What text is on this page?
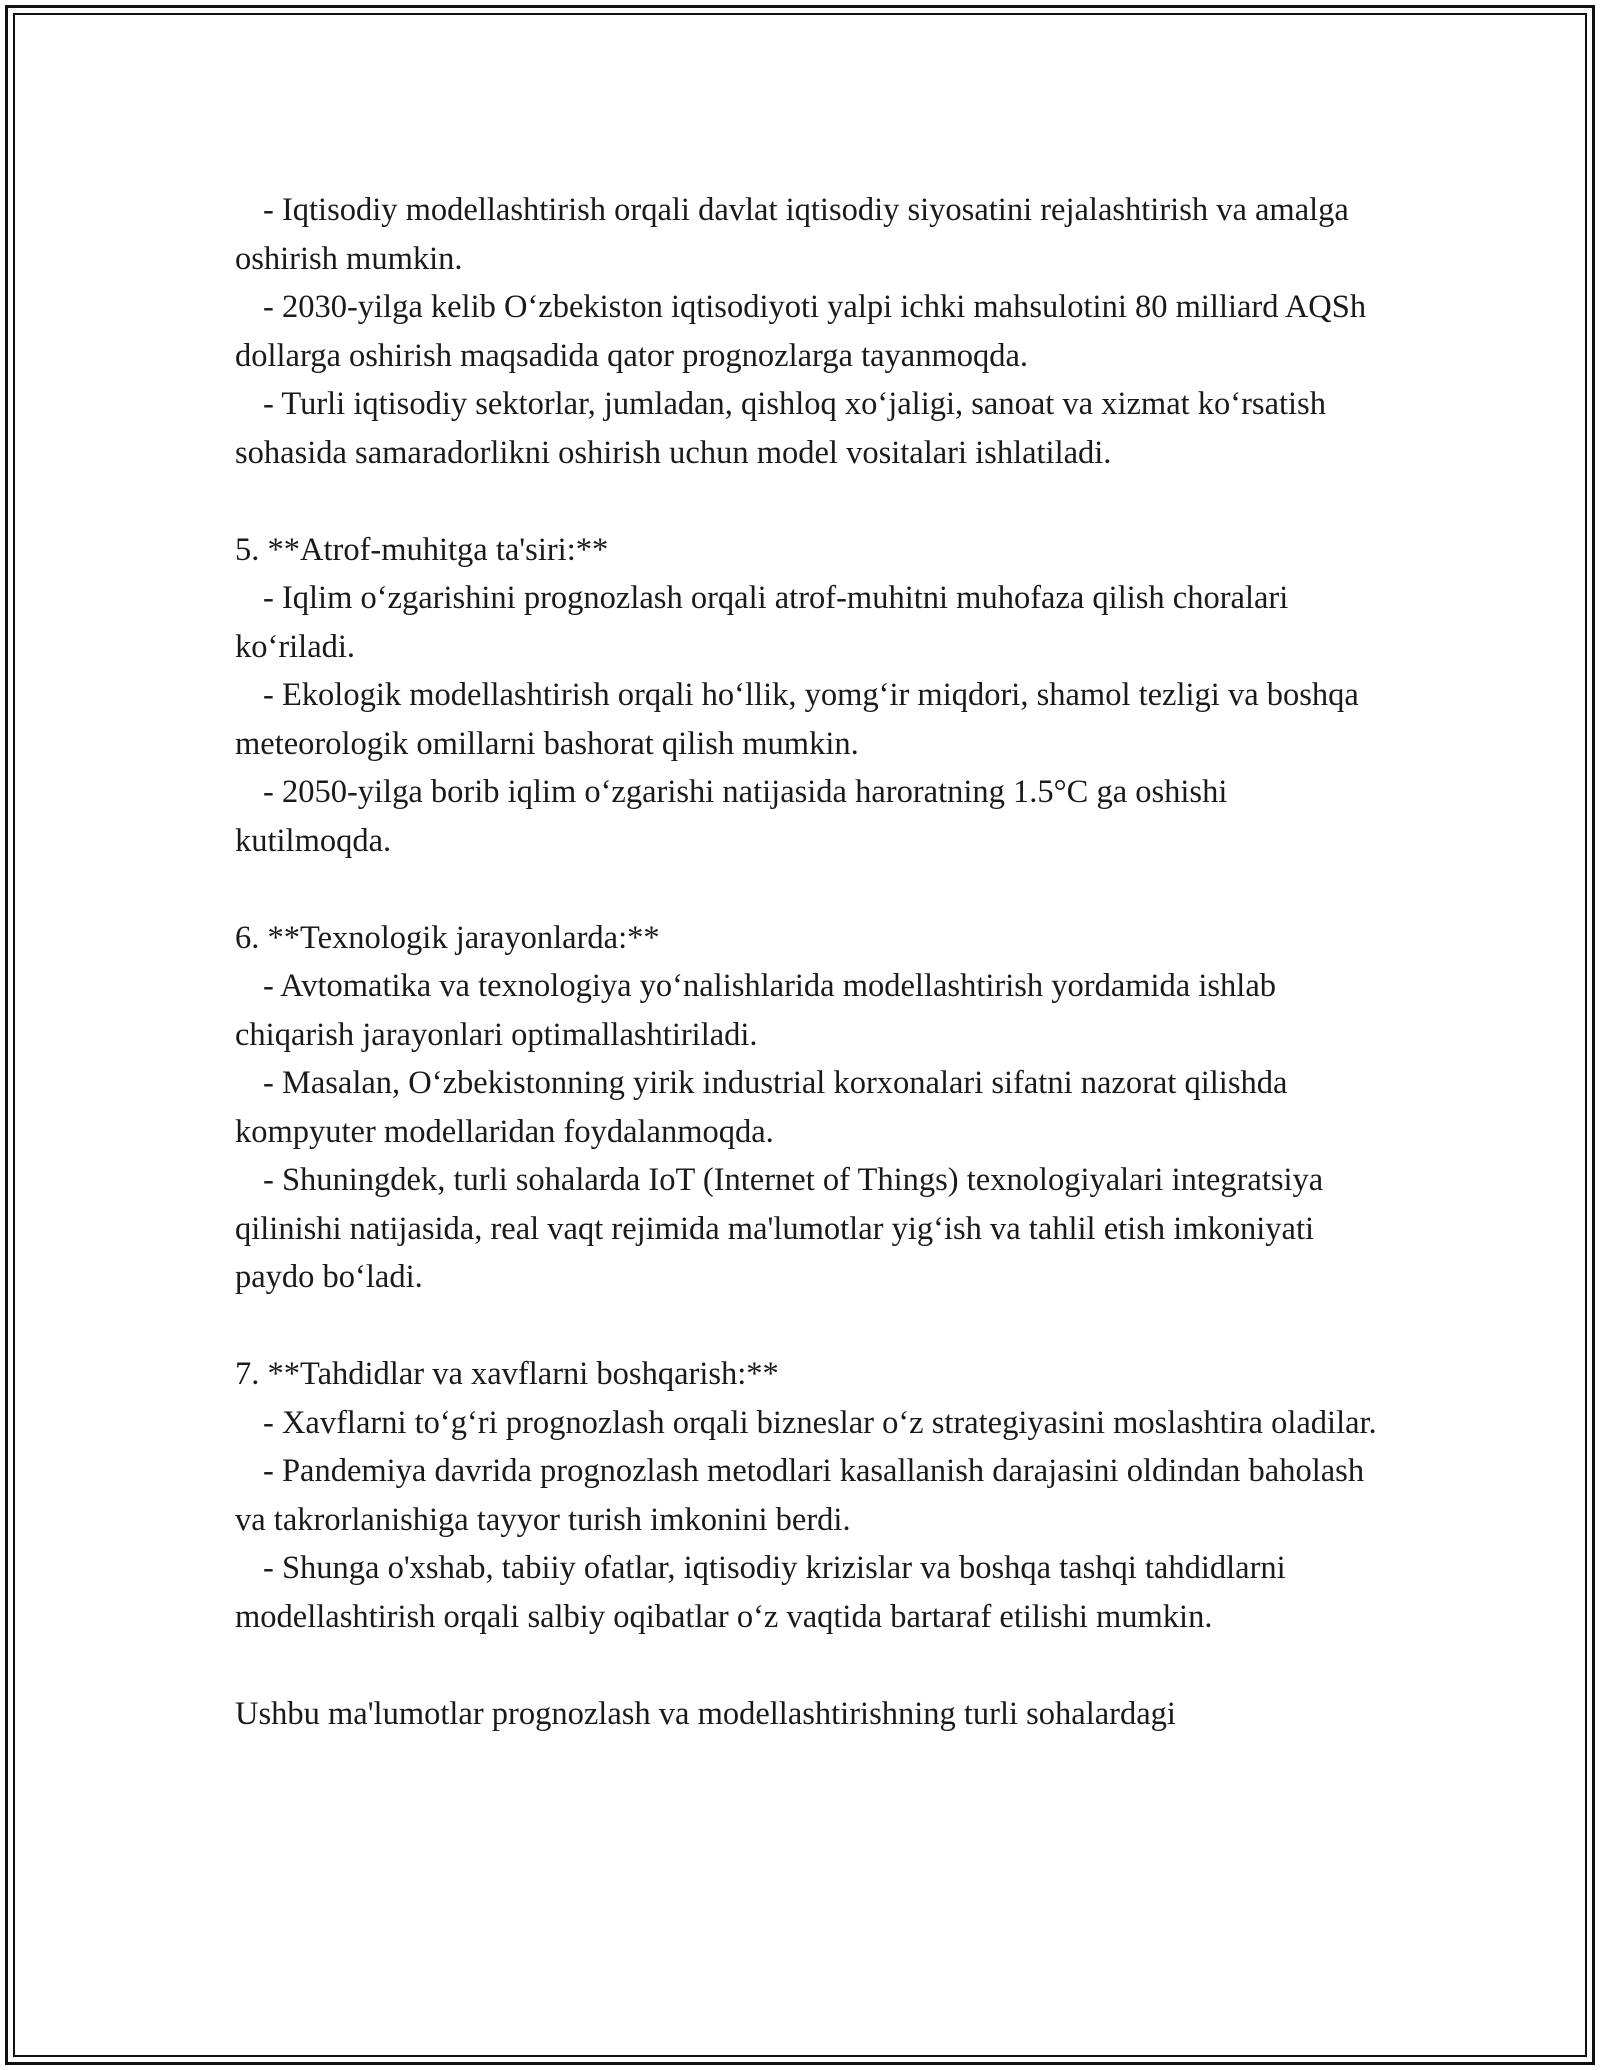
- Iqtisodiy modellashtirish orqali davlat iqtisodiy siyosatini rejalashtirish va amalga oshirish mumkin.

- 2030-yilga kelib O‘zbekiston iqtisodiyoti yalpi ichki mahsulotini 80 milliard AQSh dollarga oshirish maqsadida qator prognozlarga tayanmoqda.

- Turli iqtisodiy sektorlar, jumladan, qishloq xo‘jaligi, sanoat va xizmat ko‘rsatish sohasida samaradorlikni oshirish uchun model vositalari ishlatiladi.

5. **Atrof-muhitga ta'siri:**

- Iqlim o‘zgarishini prognozlash orqali atrof-muhitni muhofaza qilish choralari ko‘riladi.

- Ekologik modellashtirish orqali ho‘llik, yomg‘ir miqdori, shamol tezligi va boshqa meteorologik omillarni bashorat qilish mumkin.

- 2050-yilga borib iqlim o‘zgarishi natijasida haroratning 1.5°C ga oshishi kutilmoqda.

6. **Texnologik jarayonlarda:**

- Avtomatika va texnologiya yo‘nalishlarida modellashtirish yordamida ishlab chiqarish jarayonlari optimallashtiriladi.

- Masalan, O‘zbekistonning yirik industrial korxonalari sifatni nazorat qilishda kompyuter modellaridan foydalanmoqda.

- Shuningdek, turli sohalarda IoT (Internet of Things) texnologiyalari integratsiya qilinishi natijasida, real vaqt rejimida ma'lumotlar yig‘ish va tahlil etish imkoniyati paydo bo‘ladi.

7. **Tahdidlar va xavflarni boshqarish:**

- Xavflarni to‘g‘ri prognozlash orqali bizneslar o‘z strategiyasini moslashtira oladilar.

- Pandemiya davrida prognozlash metodlari kasallanish darajasini oldindan baholash va takrorlanishiga tayyor turish imkonini berdi.

- Shunga o'xshab, tabiiy ofatlar, iqtisodiy krizislar va boshqa tashqi tahdidlarni modellashtirish orqali salbiy oqibatlar o‘z vaqtida bartaraf etilishi mumkin.

Ushbu ma'lumotlar prognozlash va modellashtirishning turli sohalardagi
